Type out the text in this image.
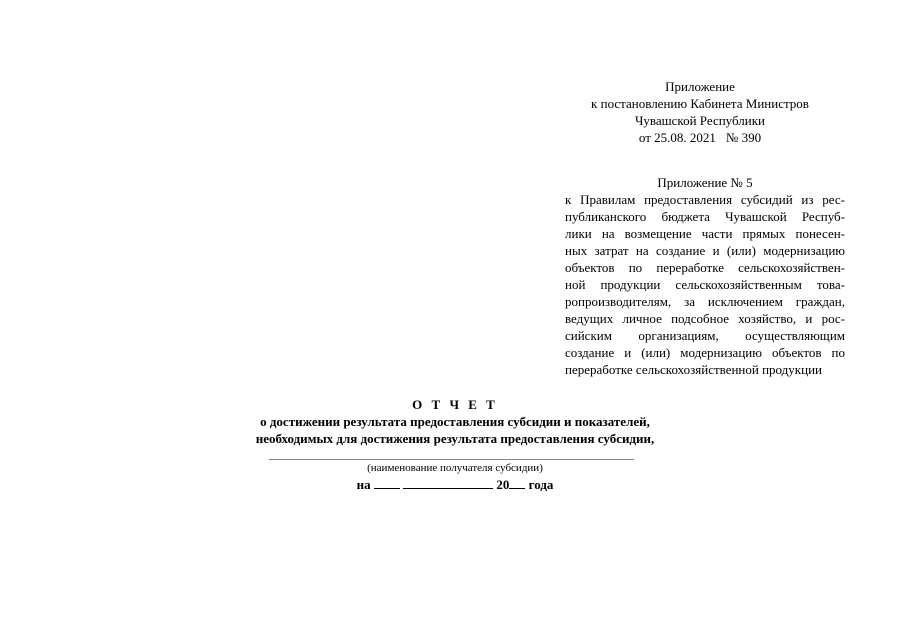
Приложение
к постановлению Кабинета Министров
Чувашской Республики
от 25.08. 2021 № 390
Приложение № 5
к Правилам предоставления субсидий из рес-
публиканского бюджета Чувашской Респуб-
лики на возмещение части прямых понесен-
ных затрат на создание и (или) модернизацию
объектов по переработке сельскохозяйствен-
ной продукции сельскохозяйственным това-
ропроизводителям, за исключением граждан,
ведущих личное подсобное хозяйство, и рос-
сийским организациям, осуществляющим
создание и (или) модернизацию объектов по
переработке сельскохозяйственной продукции
О Т Ч Е Т
о достижении результата предоставления субсидии и показателей,
необходимых для достижения результата предоставления субсидии,
(наименование получателя субсидии)
на	20 года
